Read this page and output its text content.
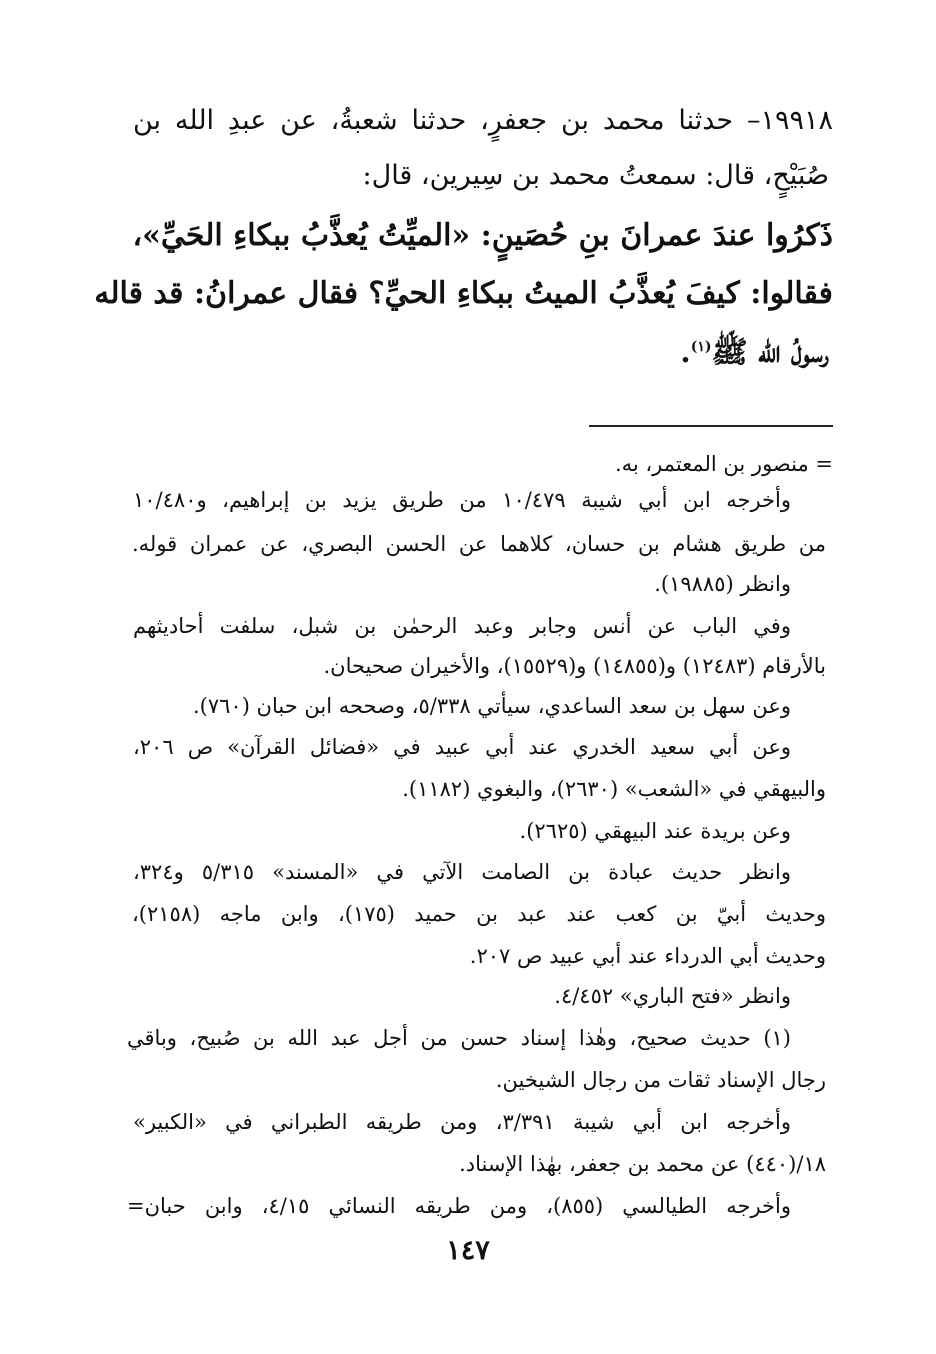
١٩٩١٨– حدثنا محمد بن جعفرٍ، حدثنا شعبةُ، عن عبدِ الله بن
صُبَيْحٍ، قال: سمعتُ محمد بن سِيرين، قال:
ذَكرُوا عندَ عمرانَ بنِ حُصَينٍ: «الميِّتُ يُعذَّبُ ببكاءِ الحَيِّ»،
فقالوا: كيفَ يُعذَّبُ الميتُ ببكاءِ الحيِّ؟ فقال عمرانُ: قد قاله
رسولُ الله ﷺ$^{(١)}$.
= منصور بن المعتمر، به.
وأخرجه ابن أبي شيبة ١٠/٤٧٩ من طريق يزيد بن إبراهيم، و١٠/٤٨٠
من طريق هشام بن حسان، كلاهما عن الحسن البصري، عن عمران قوله.
وانظر (١٩٨٨٥).
وفي الباب عن أنس وجابر وعبد الرحمٰن بن شبل، سلفت أحاديثهم
بالأرقام (١٢٤٨٣) و(١٤٨٥٥) و(١٥٥٢٩)، والأخيران صحيحان.
وعن سهل بن سعد الساعدي، سيأتي ٥/٣٣٨، وصححه ابن حبان (٧٦٠).
وعن أبي سعيد الخدري عند أبي عبيد في «فضائل القرآن» ص ٢٠٦،
والبيهقي في «الشعب» (٢٦٣٠)، والبغوي (١١٨٢).
وعن بريدة عند البيهقي (٢٦٢٥).
وانظر حديث عبادة بن الصامت الآتي في «المسند» ٥/٣١٥ و٣٢٤،
وحديث أبيّ بن كعب عند عبد بن حميد (١٧٥)، وابن ماجه (٢١٥٨)،
وحديث أبي الدرداء عند أبي عبيد ص ٢٠٧.
وانظر «فتح الباري» ٤/٤٥٢.
(١) حديث صحيح، وهٰذا إسناد حسن من أجل عبد الله بن صُبيح، وباقي
رجال الإسناد ثقات من رجال الشيخين.
وأخرجه ابن أبي شيبة ٣/٣٩١، ومن طريقه الطبراني في «الكبير»
١٨/(٤٤٠) عن محمد بن جعفر، بهٰذا الإسناد.
وأخرجه الطيالسي (٨٥٥)، ومن طريقه النسائي ٤/١٥، وابن حبان=
١٤٧
